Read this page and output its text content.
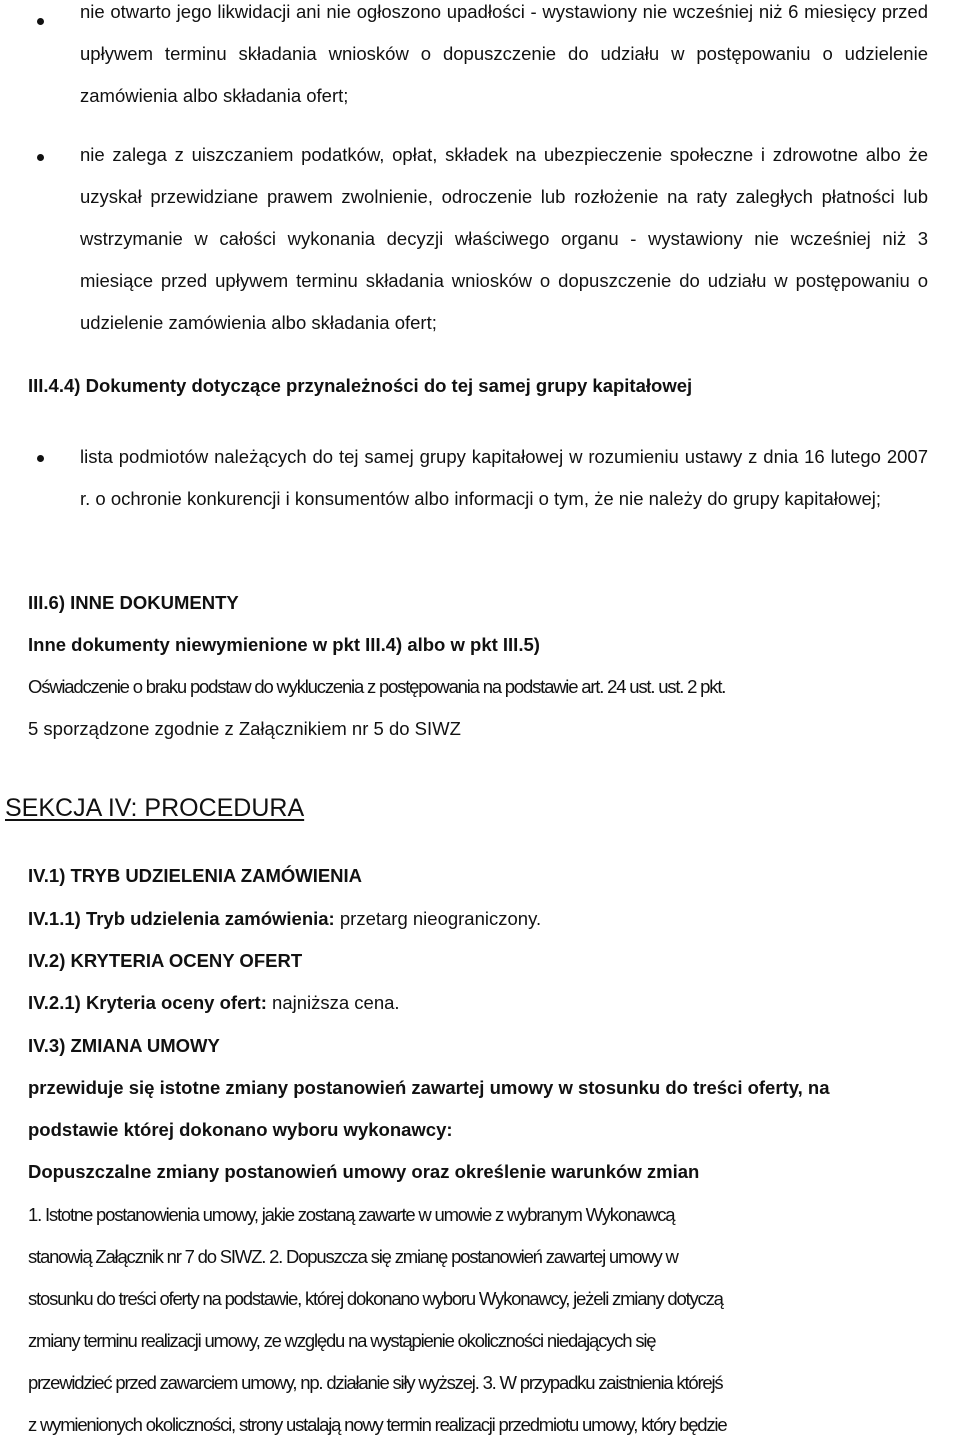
nie otwarto jego likwidacji ani nie ogłoszono upadłości - wystawiony nie wcześniej niż 6 miesięcy przed upływem terminu składania wniosków o dopuszczenie do udziału w postępowaniu o udzielenie zamówienia albo składania ofert;

nie zalega z uiszczaniem podatków, opłat, składek na ubezpieczenie społeczne i zdrowotne albo że uzyskał przewidziane prawem zwolnienie, odroczenie lub rozłożenie na raty zaległych płatności lub wstrzymanie w całości wykonania decyzji właściwego organu - wystawiony nie wcześniej niż 3 miesiące przed upływem terminu składania wniosków o dopuszczenie do udziału w postępowaniu o udzielenie zamówienia albo składania ofert;

III.4.4) Dokumenty dotyczące przynależności do tej samej grupy kapitałowej

lista podmiotów należących do tej samej grupy kapitałowej w rozumieniu ustawy z dnia 16 lutego 2007 r. o ochronie konkurencji i konsumentów albo informacji o tym, że nie należy do grupy kapitałowej;

III.6) INNE DOKUMENTY

Inne dokumenty niewymienione w pkt III.4) albo w pkt III.5)

Oświadczenie o braku podstaw do wykluczenia z postępowania na podstawie art. 24 ust. ust. 2 pkt.

5 sporządzone zgodnie z Załącznikiem nr 5 do SIWZ

SEKCJA IV: PROCEDURA

IV.1) TRYB UDZIELENIA ZAMÓWIENIA

IV.1.1) Tryb udzielenia zamówienia: przetarg nieograniczony.

IV.2) KRYTERIA OCENY OFERT

IV.2.1) Kryteria oceny ofert: najniższa cena.

IV.3) ZMIANA UMOWY

przewiduje się istotne zmiany postanowień zawartej umowy w stosunku do treści oferty, na

podstawie której dokonano wyboru wykonawcy:

Dopuszczalne zmiany postanowień umowy oraz określenie warunków zmian

1. Istotne postanowienia umowy, jakie zostaną zawarte w umowie z wybranym Wykonawcą

stanowią Załącznik nr 7 do SIWZ. 2. Dopuszcza się zmianę postanowień zawartej umowy w

stosunku do treści oferty na podstawie, której dokonano wyboru Wykonawcy, jeżeli zmiany dotyczą

zmiany terminu realizacji umowy, ze względu na wystąpienie okoliczności niedających się

przewidzieć przed zawarciem umowy, np. działanie siły wyższej. 3. W przypadku zaistnienia którejś

z wymienionych okoliczności, strony ustalają nowy termin realizacji przedmiotu umowy, który będzie
